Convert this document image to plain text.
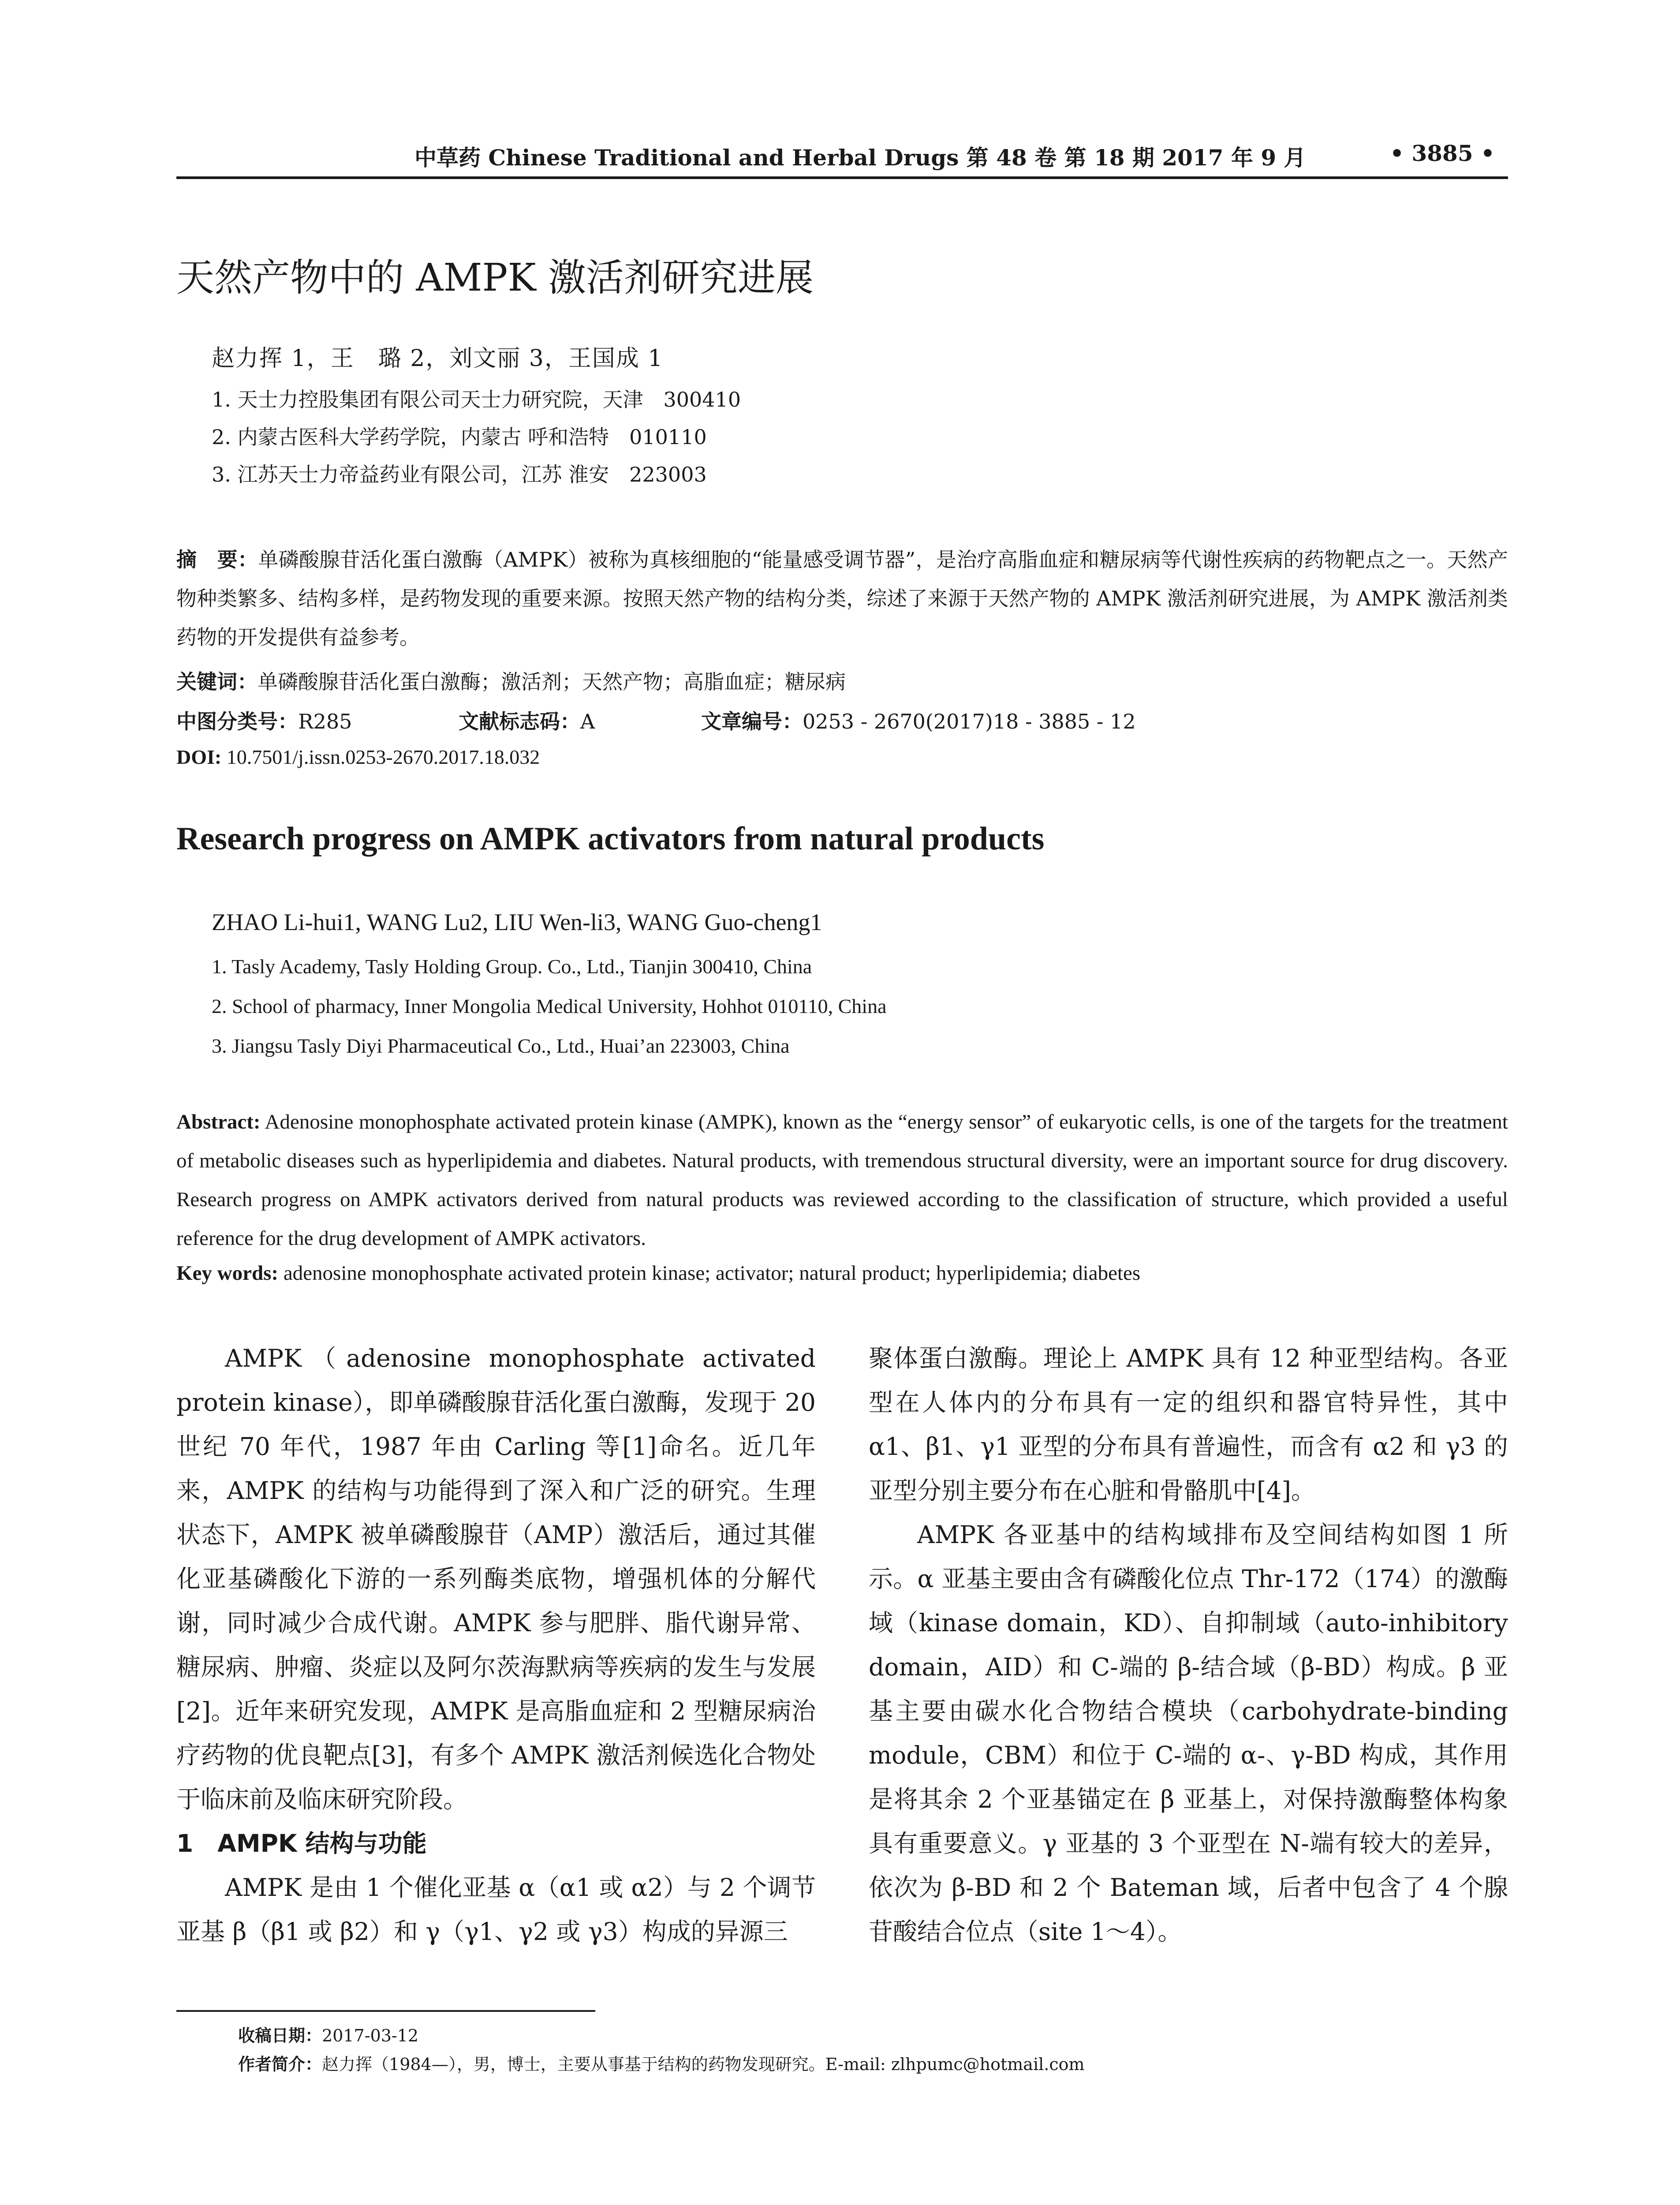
中草药 Chinese Traditional and Herbal Drugs 第 48 卷 第 18 期 2017 年 9 月	• 3885 •
天然产物中的 AMPK 激活剂研究进展
赵力挥 1，王　璐 2，刘文丽 3，王国成 1
1. 天士力控股集团有限公司天士力研究院，天津　300410
2. 内蒙古医科大学药学院，内蒙古 呼和浩特　010110
3. 江苏天士力帝益药业有限公司，江苏 淮安　223003
摘　要：单磷酸腺苷活化蛋白激酶（AMPK）被称为真核细胞的“能量感受调节器”，是治疗高脂血症和糖尿病等代谢性疾病的药物靶点之一。天然产物种类繁多、结构多样，是药物发现的重要来源。按照天然产物的结构分类，综述了来源于天然产物的 AMPK 激活剂研究进展，为 AMPK 激活剂类药物的开发提供有益参考。
关键词：单磷酸腺苷活化蛋白激酶；激活剂；天然产物；高脂血症；糖尿病
中图分类号：R285	文献标志码：A	文章编号：0253 - 2670(2017)18 - 3885 - 12
DOI: 10.7501/j.issn.0253-2670.2017.18.032
Research progress on AMPK activators from natural products
ZHAO Li-hui1, WANG Lu2, LIU Wen-li3, WANG Guo-cheng1
1. Tasly Academy, Tasly Holding Group. Co., Ltd., Tianjin 300410, China
2. School of pharmacy, Inner Mongolia Medical University, Hohhot 010110, China
3. Jiangsu Tasly Diyi Pharmaceutical Co., Ltd., Huai’an 223003, China
Abstract: Adenosine monophosphate activated protein kinase (AMPK), known as the “energy sensor” of eukaryotic cells, is one of the targets for the treatment of metabolic diseases such as hyperlipidemia and diabetes. Natural products, with tremendous structural diversity, were an important source for drug discovery. Research progress on AMPK activators derived from natural products was reviewed according to the classification of structure, which provided a useful reference for the drug development of AMPK activators.
Key words: adenosine monophosphate activated protein kinase; activator; natural product; hyperlipidemia; diabetes

AMPK（adenosine monophosphate activated protein kinase），即单磷酸腺苷活化蛋白激酶，发现于 20 世纪 70 年代，1987 年由 Carling 等[1]命名。近几年来，AMPK 的结构与功能得到了深入和广泛的研究。生理状态下，AMPK 被单磷酸腺苷（AMP）激活后，通过其催化亚基磷酸化下游的一系列酶类底物，增强机体的分解代谢，同时减少合成代谢。AMPK 参与肥胖、脂代谢异常、糖尿病、肿瘤、炎症以及阿尔茨海默病等疾病的发生与发展[2]。近年来研究发现，AMPK 是高脂血症和 2 型糖尿病治疗药物的优良靶点[3]，有多个 AMPK 激活剂候选化合物处于临床前及临床研究阶段。

1　AMPK 结构与功能

AMPK 是由 1 个催化亚基 α（α1 或 α2）与 2 个调节亚基 β（β1 或 β2）和 γ（γ1、γ2 或 γ3）构成的异源三

聚体蛋白激酶。理论上 AMPK 具有 12 种亚型结构。各亚型在人体内的分布具有一定的组织和器官特异性，其中 α1、β1、γ1 亚型的分布具有普遍性，而含有 α2 和 γ3 的亚型分别主要分布在心脏和骨骼肌中[4]。

AMPK 各亚基中的结构域排布及空间结构如图 1 所示。α 亚基主要由含有磷酸化位点 Thr-172（174）的激酶域（kinase domain，KD）、自抑制域（auto-inhibitory domain，AID）和 C-端的 β-结合域（β-BD）构成。β 亚基主要由碳水化合物结合模块（carbohydrate-binding module，CBM）和位于 C-端的 α-、γ-BD 构成，其作用是将其余 2 个亚基锚定在 β 亚基上，对保持激酶整体构象具有重要意义。γ 亚基的 3 个亚型在 N-端有较大的差异，依次为 β-BD 和 2 个 Bateman 域，后者中包含了 4 个腺苷酸结合位点（site 1～4）。

收稿日期：2017-03-12
作者简介：赵力挥（1984—），男，博士，主要从事基于结构的药物发现研究。E-mail: zlhpumc@hotmail.com
